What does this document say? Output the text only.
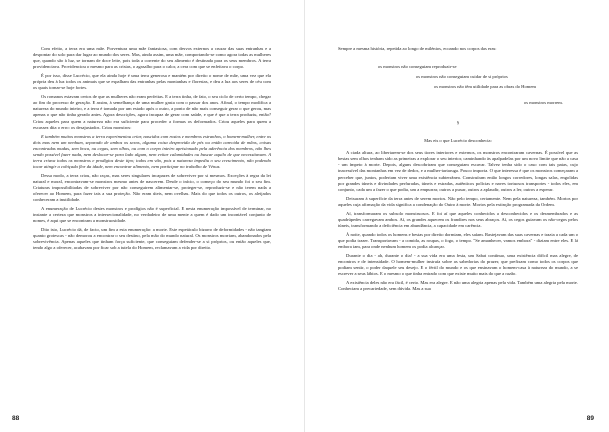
Com efeito, a terra era uma mãe. Porventura uma mãe fantasiosa, com desvos externos a cruzar das suas entranhas e a despontar do solo para dar lugar ao mundo dos seres. Mas, ainda assim, uma mãe, comportando-se como agora todas as mulheres que, quando são à luz, se tornam de doce leite, pois toda a corrente do seu alimento é destinada para os seus membros. A terra providenciava. Providenciou o mesmo para as cristas, o agasalho para o calor, a cera com que se enfeitava o corpo.

É por isso, disse Lucrécio, que ela ainda hoje é uma terra generosa e mantém por direito o nome de mãe, uma vez que ela própria deu à luz todos os animais que se espalham das entranhas pelas montanhas e florestas, e deu a luz aos seres de céu com os quais tornar-se hoje fortes.

Os romanos estavam certos de que as mulheres não eram perfeitas. E a terra tinha, de fato, o seu ciclo de certo tempo, chegar ao fim do processo de geração. E assim, à semelhança de uma mulher gasta com o passar dos anos. Afinal, o tempo modifica a natureza do mundo inteiro, e a terra é tomada por um estado após o outro, a ponto de não mais conseguir gerar o que gerou, mas apenas o que não tinha gerado antes. Agora descrições, agora incapaz de gerar com saúde, e que é que a terra produziu, então? Criou aqueles para quem a natureza não era suficiente para proceder a formas os deformados. Criou aqueles para quem a escassez dita o erro: os desajustados. Criou monstros:

E também muitos monstros a terra experimentou criar, nascidos com rostos e membros estranhos, o homem-mulher, entre os dois mas nem um nenhum, separado de ambos os sexos, alguma coisa desprovida de pés ou então carecida de mãos, coisas encontradas mudas, sem boca, ou cegas, sem olhos, ou com o corpo inteiro aprisionado pela aderência dos membros, não lhes sendo possível fazer nada, nem deslocar-se para lado algum, nem evitar calamidades ou buscar aquilo de que necessitavam. A terra criava todos os monstros e prodígios deste tipo; todos em vão, pois a natureza impediu o seu crescimento, não podendo tocar atingir a cobiçada flor da idade, nem encontrar alimento, nem participar no trabalho de Vénus.

Dessa modo, a terra criou, não raças, mas seres singulares incapazes de sobreviver por si mesmos. Exceções à regra da lei natural e moral, encontravam-se monstros mesmo antes de nascerem. Desde o início, o começo do seu mundo foi o seu fim. Criaturas impossibilitadas de sobreviver por não conseguirem alimentar-se, proteger-se, reproduzir-se e não terem nada a oferecer ao Homem, para fazer tais a sua proteção. Não eram úteis, nem ovelhas. Mais do que todos os outros, os aleijados conheceram a inutilidade.

A enumeração de Lucrécio destes monstros e prodígios não é superficial. E nesta enumeração impossível de terminar, no instante a certeza que monstros a intersecionalidade, no verdadeiro de uma mente a quem é dado um incontável conjunto de nomes, é aqui que se encontram a monstruosidade.

Dito isto, Lucrécio dá, de facto, um fim a esta enumeração: a morte. Este espetáculo bizarro de deformidades - não tangiam quanto grotescas - não demorou a encontrar o seu destino, pela mão do mundo natural. Os monstros morriam, abandonados pela sobrevivência. Apenas aqueles que tinham força suficiente, que conseguiam defender-se a si próprios, ou então aqueles que, tendo algo a oferecer, acabavam por ficar sob a tutela do Homem, reclamavam a vida por direito.

88

Sempre a mesma história, repetida ao longo de milénios, ecoando nos corpos das eras:

os monstros não conseguiam reproduzir-se

os monstros não conseguiam cuidar de si próprios

os monstros não têm utilidade para as obras do Homem

os monstros morrem.

§

Mas eis o que Lucrécio desconhecia:

A ciada altura, ao libertarem-se dos seus tiores interiores e externos, os monstros encontraram cavernas. É possível que as bestas sem olhos tenham sido as primeiras a explorar o seu interior, caminhando às apalpadelas por um novo limite que não a casa - um ímpeto à morte. Depois, alguns descobriram que conseguiam escavar. Talvez tenha sido o caso com tais patas, cujo inacessível das montanhas em vez de dedos, e a mulher-tartaruga. Pouco importa. O que interessa é que os monstros começaram a perceber que, juntos, poderiam viver uma existência subterrânea. Construíram então longos corredores, longas salas, engolidas por grandes túneis e divindades perfuradas, túneis e estradas, autênticos polícias e naves tortuosos transportes - todos eles, em conjunto, cada um a fazer o que podia, um a empurrar, outros a puxar, outros a aplaudir, outros a ler, outros a esperar.

Deixaram à superfície da terra antes de serem mortos. Não pelo tempo, certamente. Nem pela natureza, também. Mortos por aqueles cuja afirmação da vida significa a condenação do Outro à morte. Mortos pela extinção programada da Ordem.

Aí, transformaram os subsolo monstruosos. E foi aí que aqueles conhecidos a desconhecidos e os desmembrados e as quadrúpedes carregavam ambos. Aí, os grandes aquecem os frandires nos seus abraços. Aí, os cegos guiavam os não-cegos pelos túneis, transformando a deficiência em abundância, a capacidade em carência.

À noite, quando todos os homens e bestas por direito dormiam, eles saíam. Rastejavam das suas cavernas e trazia a cada um o que podia trazer. Transportavam - a comida, as roupas, o fogo, o tempo. "Se amanhecer, vamos embora" - diziam entre eles. E lá embora iam, para onde nenhum homem os podia alcançar.

Durante o dia - ah, durante o dia! - a sua vida era uma festa, um Sabat contínuo, uma existência difícil mas alegre, de encontros e de intensidade. O homem-mulher instruía sobre as sabedorias do prazer, que prefixam como todos os corpos que podiam sentir, o poder daquele seu desejo. E o fértil do mundo e os que ensinavam o homem-casa à natureza do mundo, a se escrever a seus lábios. E o mesmo o que tinha entrado com que existe muito mais do que a razão.

A existência deles não era fácil, é certo. Mas era alegre. E não uma alegria apenas pela vida. Também uma alegria pela morte. Conheciam a precariedade, sem dúvida. Mas a sua

89
